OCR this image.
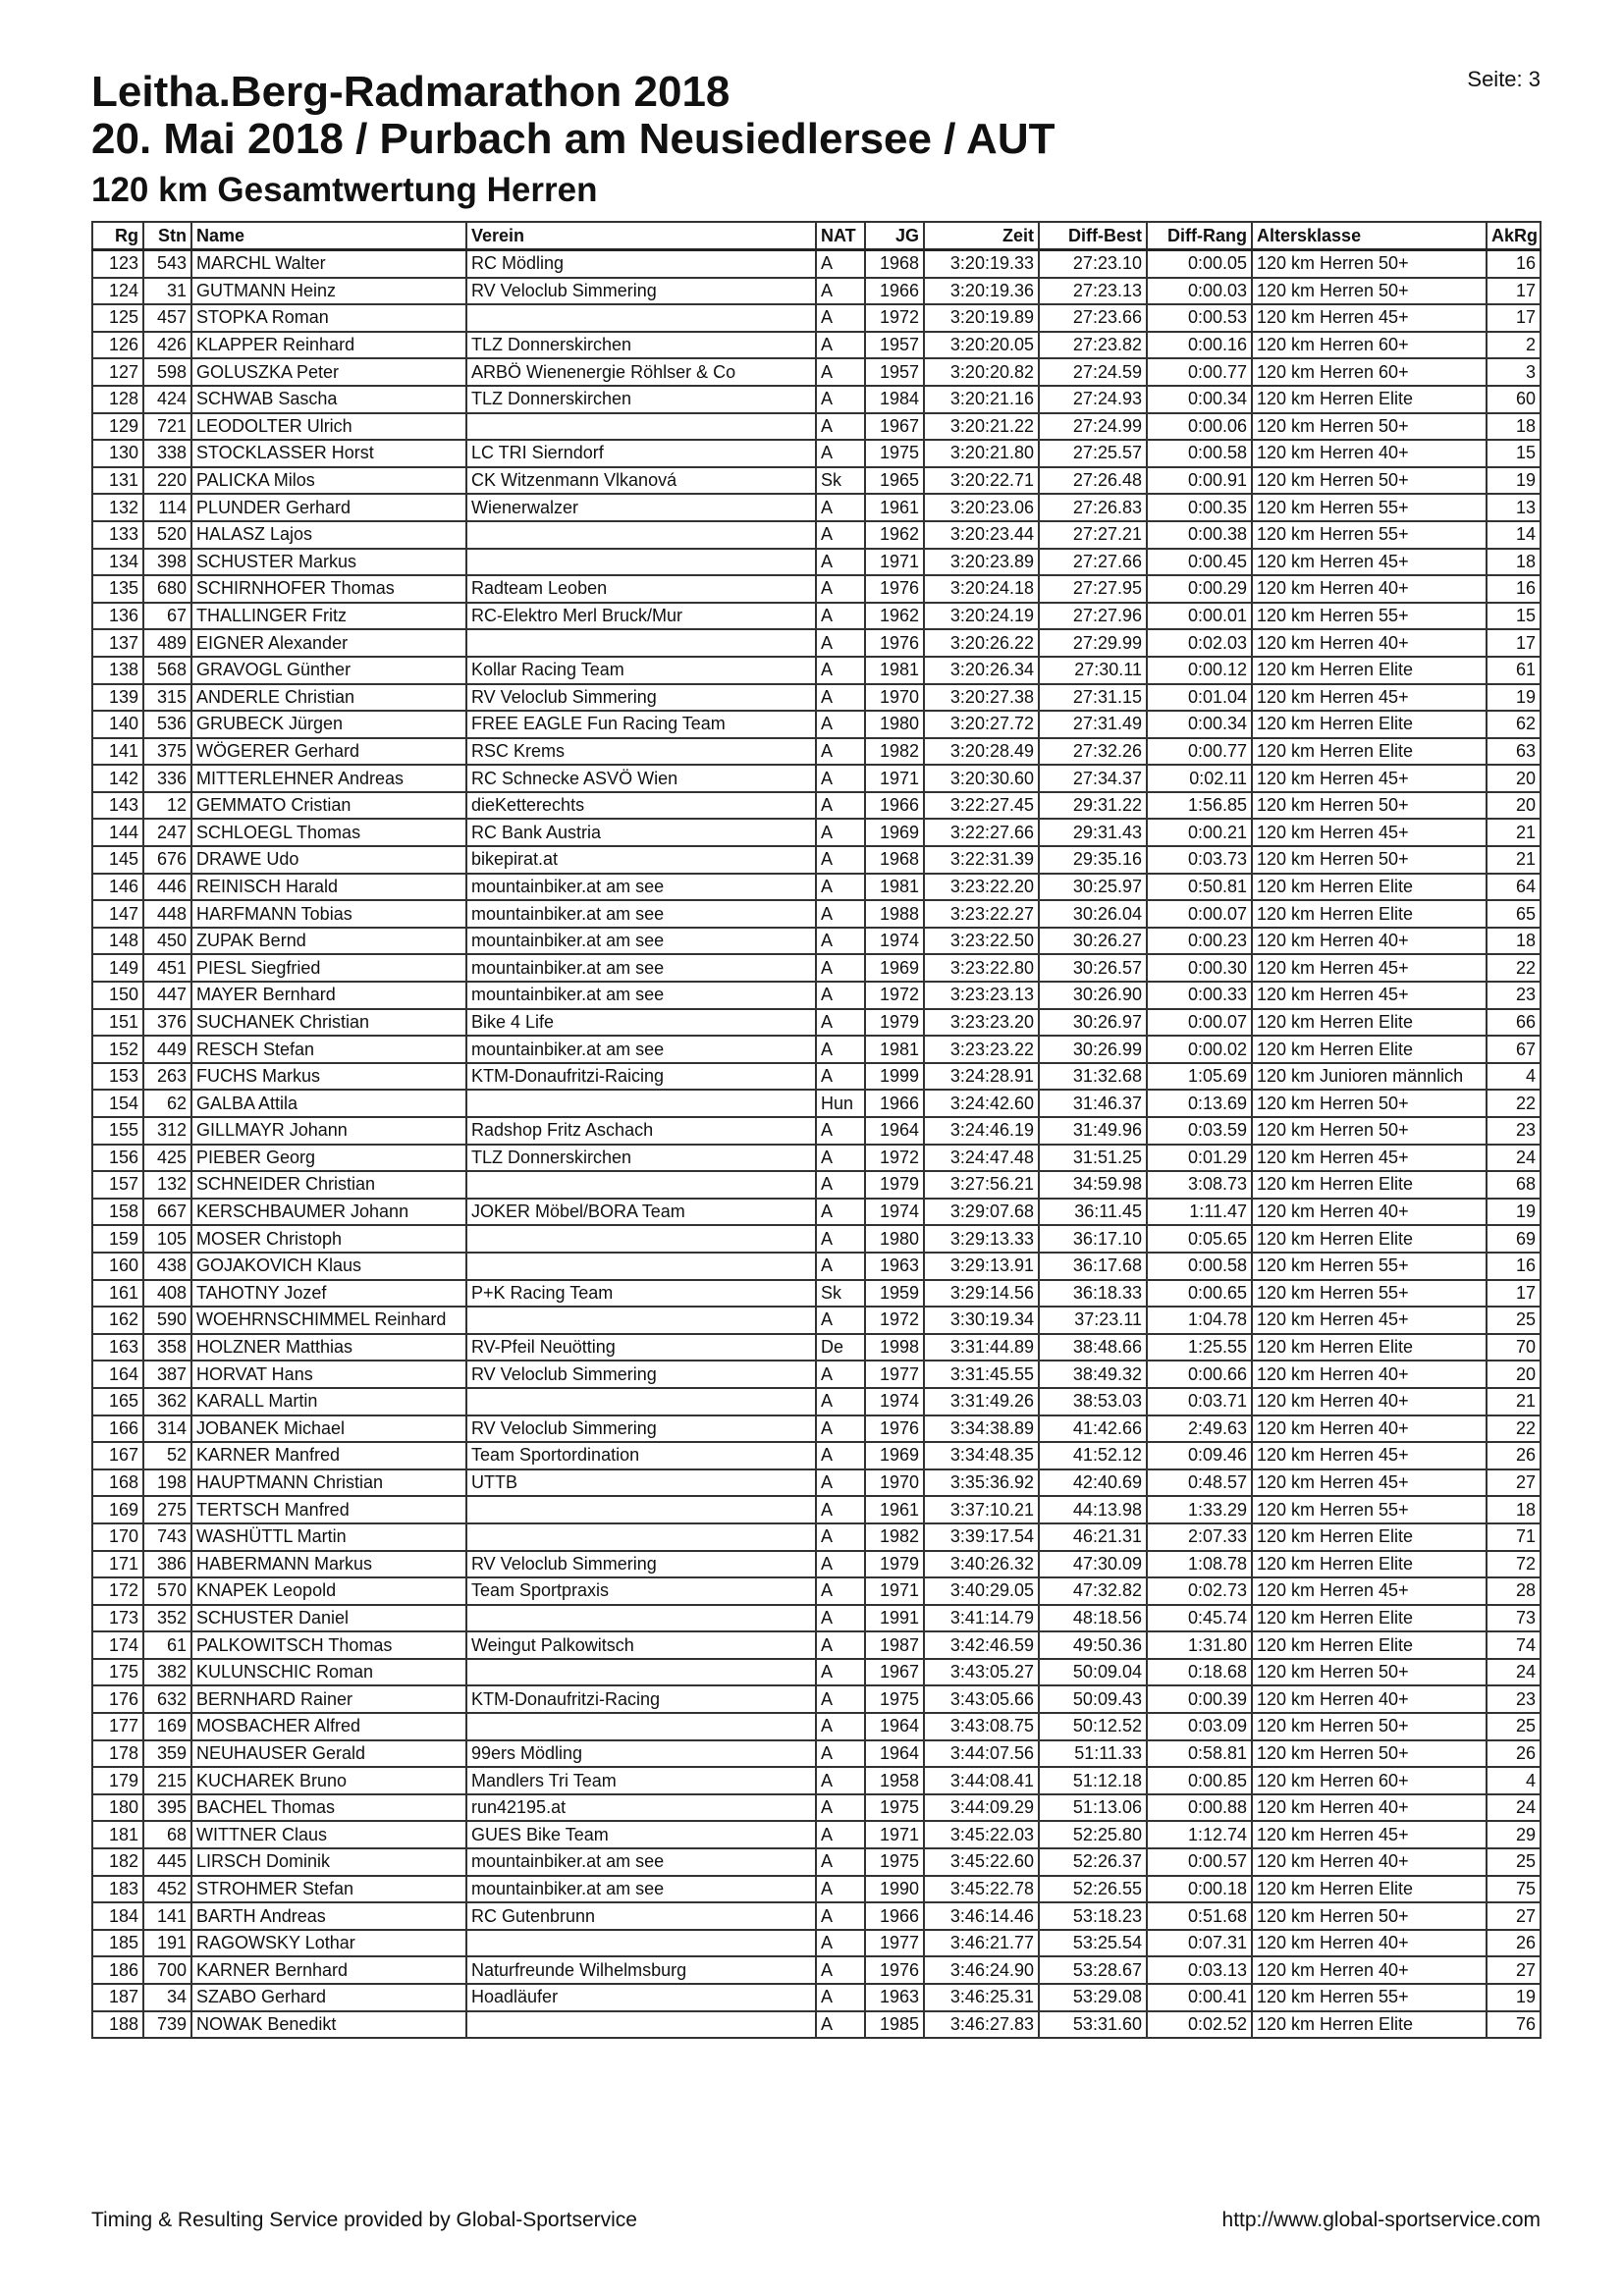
Leitha.Berg-Radmarathon 2018
20. Mai 2018 / Purbach am Neusiedlersee / AUT
120 km Gesamtwertung Herren
Seite: 3
Rg	Stn	Name	Verein	NAT	JG	Zeit	Diff-Best	Diff-Rang	Altersklasse	AkRg
123	543	MARCHL Walter	RC Mödling	A	1968	3:20:19.33	27:23.10	0:00.05	120 km Herren 50+	16
124	31	GUTMANN Heinz	RV Veloclub Simmering	A	1966	3:20:19.36	27:23.13	0:00.03	120 km Herren 50+	17
125	457	STOPKA Roman		A	1972	3:20:19.89	27:23.66	0:00.53	120 km Herren 45+	17
126	426	KLAPPER Reinhard	TLZ Donnerskirchen	A	1957	3:20:20.05	27:23.82	0:00.16	120 km Herren 60+	2
127	598	GOLUSZKA Peter	ARBÖ Wienenergie Röhlser & Co	A	1957	3:20:20.82	27:24.59	0:00.77	120 km Herren 60+	3
128	424	SCHWAB Sascha	TLZ Donnerskirchen	A	1984	3:20:21.16	27:24.93	0:00.34	120 km Herren Elite	60
129	721	LEODOLTER Ulrich		A	1967	3:20:21.22	27:24.99	0:00.06	120 km Herren 50+	18
130	338	STOCKLASSER Horst	LC TRI Sierndorf	A	1975	3:20:21.80	27:25.57	0:00.58	120 km Herren 40+	15
131	220	PALICKA Milos	CK Witzenmann Vlkanová	Sk	1965	3:20:22.71	27:26.48	0:00.91	120 km Herren 50+	19
132	114	PLUNDER Gerhard	Wienerwalzer	A	1961	3:20:23.06	27:26.83	0:00.35	120 km Herren 55+	13
133	520	HALASZ Lajos		A	1962	3:20:23.44	27:27.21	0:00.38	120 km Herren 55+	14
134	398	SCHUSTER Markus		A	1971	3:20:23.89	27:27.66	0:00.45	120 km Herren 45+	18
135	680	SCHIRNHOFER Thomas	Radteam Leoben	A	1976	3:20:24.18	27:27.95	0:00.29	120 km Herren 40+	16
136	67	THALLINGER Fritz	RC-Elektro Merl Bruck/Mur	A	1962	3:20:24.19	27:27.96	0:00.01	120 km Herren 55+	15
137	489	EIGNER Alexander		A	1976	3:20:26.22	27:29.99	0:02.03	120 km Herren 40+	17
138	568	GRAVOGL Günther	Kollar Racing Team	A	1981	3:20:26.34	27:30.11	0:00.12	120 km Herren Elite	61
139	315	ANDERLE Christian	RV Veloclub Simmering	A	1970	3:20:27.38	27:31.15	0:01.04	120 km Herren 45+	19
140	536	GRUBECK Jürgen	FREE EAGLE Fun Racing Team	A	1980	3:20:27.72	27:31.49	0:00.34	120 km Herren Elite	62
141	375	WÖGERER Gerhard	RSC Krems	A	1982	3:20:28.49	27:32.26	0:00.77	120 km Herren Elite	63
142	336	MITTERLEHNER Andreas	RC Schnecke ASVÖ Wien	A	1971	3:20:30.60	27:34.37	0:02.11	120 km Herren 45+	20
143	12	GEMMATO Cristian	dieKetterechts	A	1966	3:22:27.45	29:31.22	1:56.85	120 km Herren 50+	20
144	247	SCHLOEGL Thomas	RC Bank Austria	A	1969	3:22:27.66	29:31.43	0:00.21	120 km Herren 45+	21
145	676	DRAWE Udo	bikepirat.at	A	1968	3:22:31.39	29:35.16	0:03.73	120 km Herren 50+	21
146	446	REINISCH Harald	mountainbiker.at am see	A	1981	3:23:22.20	30:25.97	0:50.81	120 km Herren Elite	64
147	448	HARFMANN Tobias	mountainbiker.at am see	A	1988	3:23:22.27	30:26.04	0:00.07	120 km Herren Elite	65
148	450	ZUPAK Bernd	mountainbiker.at am see	A	1974	3:23:22.50	30:26.27	0:00.23	120 km Herren 40+	18
149	451	PIESL Siegfried	mountainbiker.at am see	A	1969	3:23:22.80	30:26.57	0:00.30	120 km Herren 45+	22
150	447	MAYER Bernhard	mountainbiker.at am see	A	1972	3:23:23.13	30:26.90	0:00.33	120 km Herren 45+	23
151	376	SUCHANEK Christian	Bike 4 Life	A	1979	3:23:23.20	30:26.97	0:00.07	120 km Herren Elite	66
152	449	RESCH Stefan	mountainbiker.at am see	A	1981	3:23:23.22	30:26.99	0:00.02	120 km Herren Elite	67
153	263	FUCHS Markus	KTM-Donaufritzi-Raicing	A	1999	3:24:28.91	31:32.68	1:05.69	120 km Junioren männlich	4
154	62	GALBA Attila		Hun	1966	3:24:42.60	31:46.37	0:13.69	120 km Herren 50+	22
155	312	GILLMAYR Johann	Radshop Fritz Aschach	A	1964	3:24:46.19	31:49.96	0:03.59	120 km Herren 50+	23
156	425	PIEBER Georg	TLZ Donnerskirchen	A	1972	3:24:47.48	31:51.25	0:01.29	120 km Herren 45+	24
157	132	SCHNEIDER Christian		A	1979	3:27:56.21	34:59.98	3:08.73	120 km Herren Elite	68
158	667	KERSCHBAUMER Johann	JOKER Möbel/BORA Team	A	1974	3:29:07.68	36:11.45	1:11.47	120 km Herren 40+	19
159	105	MOSER Christoph		A	1980	3:29:13.33	36:17.10	0:05.65	120 km Herren Elite	69
160	438	GOJAKOVICH Klaus		A	1963	3:29:13.91	36:17.68	0:00.58	120 km Herren 55+	16
161	408	TAHOTNY Jozef	P+K Racing Team	Sk	1959	3:29:14.56	36:18.33	0:00.65	120 km Herren 55+	17
162	590	WOEHRNSCHIMMEL Reinhard		A	1972	3:30:19.34	37:23.11	1:04.78	120 km Herren 45+	25
163	358	HOLZNER Matthias	RV-Pfeil Neuötting	De	1998	3:31:44.89	38:48.66	1:25.55	120 km Herren Elite	70
164	387	HORVAT Hans	RV Veloclub Simmering	A	1977	3:31:45.55	38:49.32	0:00.66	120 km Herren 40+	20
165	362	KARALL Martin		A	1974	3:31:49.26	38:53.03	0:03.71	120 km Herren 40+	21
166	314	JOBANEK Michael	RV Veloclub Simmering	A	1976	3:34:38.89	41:42.66	2:49.63	120 km Herren 40+	22
167	52	KARNER Manfred	Team Sportordination	A	1969	3:34:48.35	41:52.12	0:09.46	120 km Herren 45+	26
168	198	HAUPTMANN Christian	UTTB	A	1970	3:35:36.92	42:40.69	0:48.57	120 km Herren 45+	27
169	275	TERTSCH Manfred		A	1961	3:37:10.21	44:13.98	1:33.29	120 km Herren 55+	18
170	743	WASHÜTTL Martin		A	1982	3:39:17.54	46:21.31	2:07.33	120 km Herren Elite	71
171	386	HABERMANN Markus	RV Veloclub Simmering	A	1979	3:40:26.32	47:30.09	1:08.78	120 km Herren Elite	72
172	570	KNAPEK Leopold	Team Sportpraxis	A	1971	3:40:29.05	47:32.82	0:02.73	120 km Herren 45+	28
173	352	SCHUSTER Daniel		A	1991	3:41:14.79	48:18.56	0:45.74	120 km Herren Elite	73
174	61	PALKOWITSCH Thomas	Weingut Palkowitsch	A	1987	3:42:46.59	49:50.36	1:31.80	120 km Herren Elite	74
175	382	KULUNSCHIC Roman		A	1967	3:43:05.27	50:09.04	0:18.68	120 km Herren 50+	24
176	632	BERNHARD Rainer	KTM-Donaufritzi-Racing	A	1975	3:43:05.66	50:09.43	0:00.39	120 km Herren 40+	23
177	169	MOSBACHER Alfred		A	1964	3:43:08.75	50:12.52	0:03.09	120 km Herren 50+	25
178	359	NEUHAUSER Gerald	99ers Mödling	A	1964	3:44:07.56	51:11.33	0:58.81	120 km Herren 50+	26
179	215	KUCHAREK Bruno	Mandlers Tri Team	A	1958	3:44:08.41	51:12.18	0:00.85	120 km Herren 60+	4
180	395	BACHEL Thomas	run42195.at	A	1975	3:44:09.29	51:13.06	0:00.88	120 km Herren 40+	24
181	68	WITTNER Claus	GUES Bike Team	A	1971	3:45:22.03	52:25.80	1:12.74	120 km Herren 45+	29
182	445	LIRSCH Dominik	mountainbiker.at am see	A	1975	3:45:22.60	52:26.37	0:00.57	120 km Herren 40+	25
183	452	STROHMER Stefan	mountainbiker.at am see	A	1990	3:45:22.78	52:26.55	0:00.18	120 km Herren Elite	75
184	141	BARTH Andreas	RC Gutenbrunn	A	1966	3:46:14.46	53:18.23	0:51.68	120 km Herren 50+	27
185	191	RAGOWSKY Lothar		A	1977	3:46:21.77	53:25.54	0:07.31	120 km Herren 40+	26
186	700	KARNER Bernhard	Naturfreunde Wilhelmsburg	A	1976	3:46:24.90	53:28.67	0:03.13	120 km Herren 40+	27
187	34	SZABO Gerhard	Hoadläufer	A	1963	3:46:25.31	53:29.08	0:00.41	120 km Herren 55+	19
188	739	NOWAK Benedikt		A	1985	3:46:27.83	53:31.60	0:02.52	120 km Herren Elite	76
Timing & Resulting Service provided by Global-Sportservice	http://www.global-sportservice.com
